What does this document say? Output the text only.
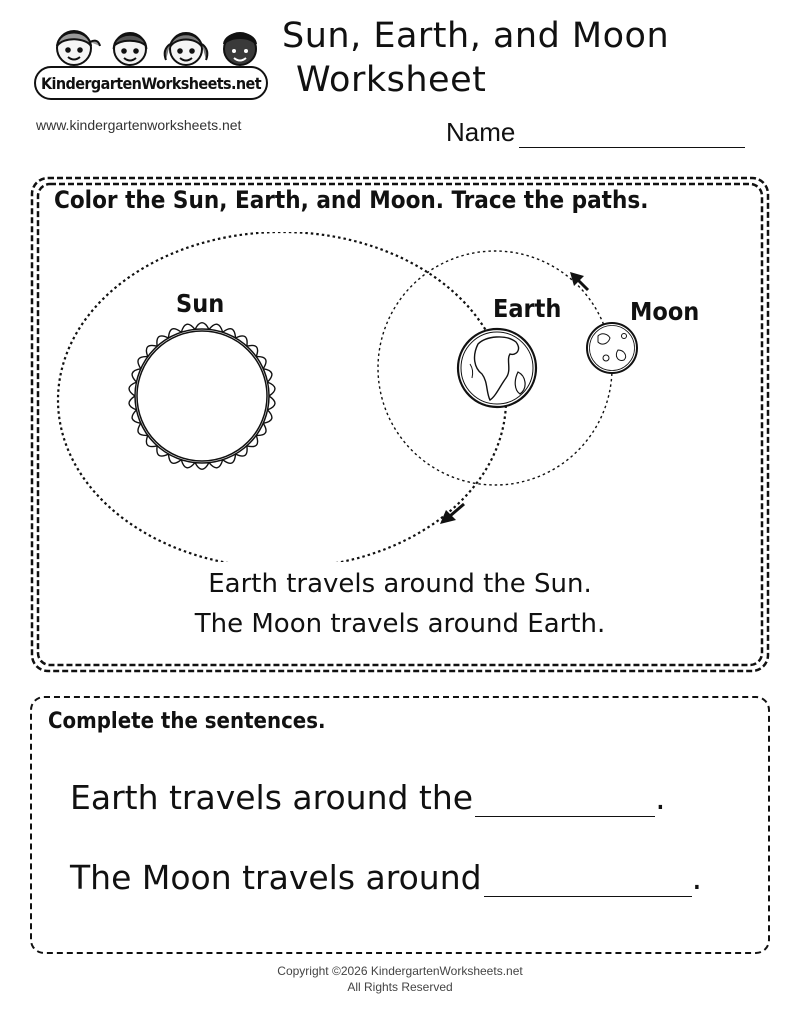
KindergartenWorksheets.net
www.kindergartenworksheets.net
Sun, Earth, and Moon
Worksheet
Name
Color the Sun, Earth, and Moon. Trace the paths.
Sun	Earth	Moon
Earth travels around the Sun.
The Moon travels around Earth.
Complete the sentences.
Earth travels around the	.
The Moon travels around	.
Copyright ©2026 KindergartenWorksheets.net
All Rights Reserved
